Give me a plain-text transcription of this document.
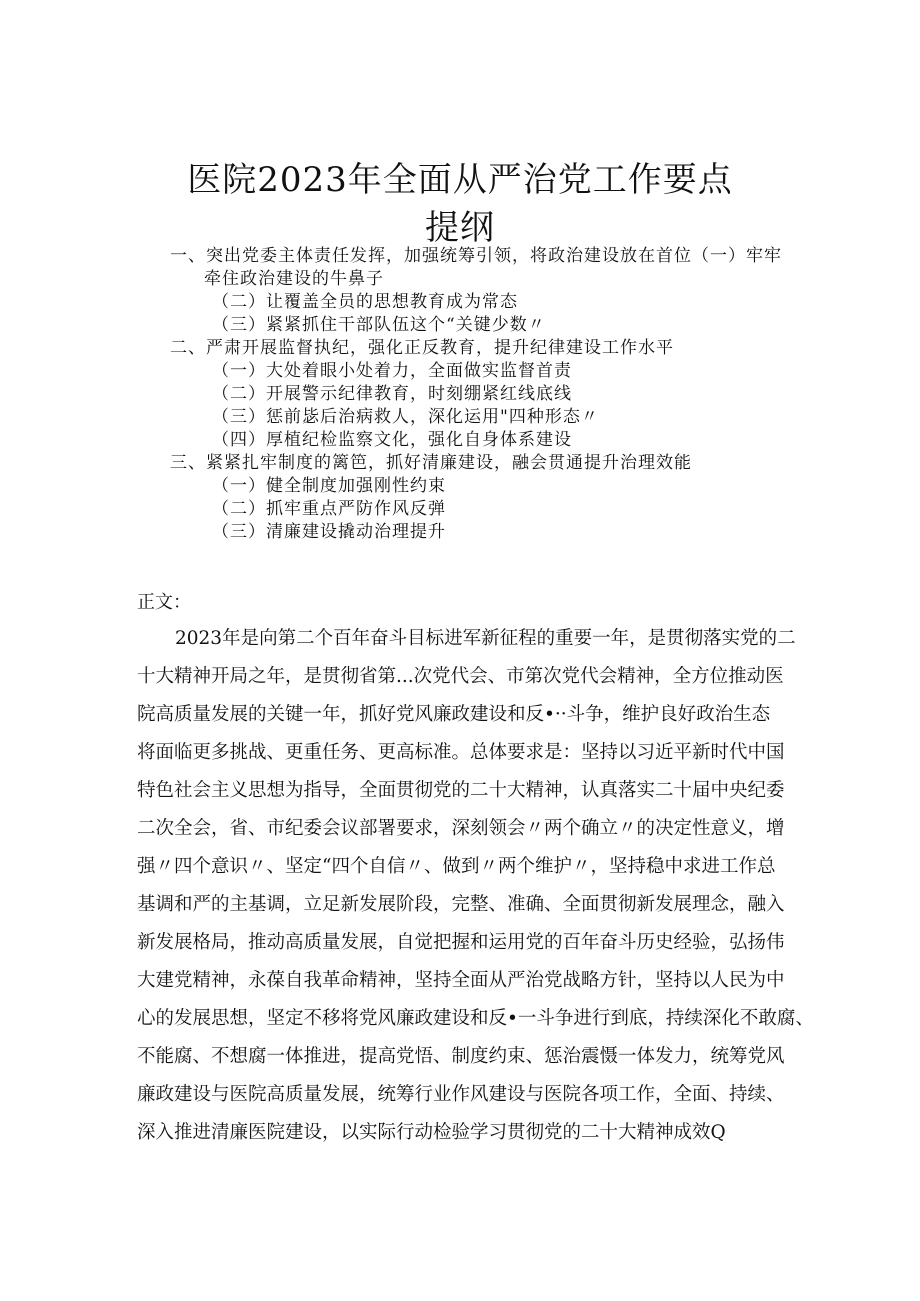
医院2023年全面从严治党工作要点
提纲
一、突出党委主体责任发挥，加强统筹引领，将政治建设放在首位（一）牢牢
牵住政治建设的牛鼻子
（二）让覆盖全员的思想教育成为常态
（三）紧紧抓住干部队伍这个“关键少数〃
二、严肃开展监督执纪，强化正反教育，提升纪律建设工作水平
（一）大处着眼小处着力，全面做实监督首责
（二）开展警示纪律教育，时刻绷紧红线底线
（三）惩前毖后治病救人，深化运用"四种形态〃
（四）厚植纪检监察文化，强化自身体系建设
三、紧紧扎牢制度的篱笆，抓好清廉建设，融会贯通提升治理效能
（一）健全制度加强刚性约束
（二）抓牢重点严防作风反弹
（三）清廉建设撬动治理提升
正文：
2023年是向第二个百年奋斗目标进军新征程的重要一年，是贯彻落实党的二
十大精神开局之年，是贯彻省第...次党代会、市第次党代会精神，全方位推动医
院高质量发展的关键一年，抓好党风廉政建设和反•··斗争，维护良好政治生态
将面临更多挑战、更重任务、更高标准。总体要求是：坚持以习近平新时代中国
特色社会主义思想为指导，全面贯彻党的二十大精神，认真落实二十届中央纪委
二次全会，省、市纪委会议部署要求，深刻领会〃两个确立〃的决定性意义，增
强〃四个意识〃、坚定“四个自信〃、做到〃两个维护〃，坚持稳中求进工作总
基调和严的主基调，立足新发展阶段，完整、准确、全面贯彻新发展理念，融入
新发展格局，推动高质量发展，自觉把握和运用党的百年奋斗历史经验，弘扬伟
大建党精神，永葆自我革命精神，坚持全面从严治党战略方针，坚持以人民为中
心的发展思想，坚定不移将党风廉政建设和反•一斗争进行到底，持续深化不敢腐、
不能腐、不想腐一体推进，提高党悟、制度约束、惩治震慑一体发力，统筹党风
廉政建设与医院高质量发展，统筹行业作风建设与医院各项工作，全面、持续、
深入推进清廉医院建设，以实际行动检验学习贯彻党的二十大精神成效Q
